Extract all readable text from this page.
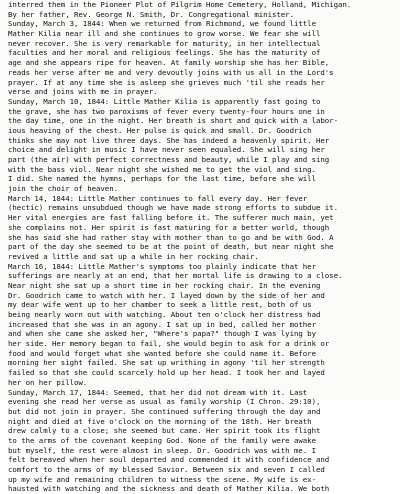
interred them in the Pioneer Plot of Pilgrim Home Cemetery, Holland, Michigan.
By her father, Rev. George N. Smith, Dr. Congregational minister.
Sunday, March 3, 1844: When we returned from Richmond, we found little
Mather Kilia near ill and she continues to grow worse. We fear she will
never recover. She is very remarkable for maturity, in her intellectual
faculties and her moral and religious feelings. She has the maturity of
age and she appears ripe for heaven. At family worship she has her Bible,
reads her verse after me and very devoutly joins with us all in the Lord's
prayer. If at any time she is asleep she grieves much 'til she reads her
verse and joins with me in prayer.
Sunday, March 10, 1844: Little Mather Kilia is apparently fast going to
the grave, she has two paroxisms of fever every twenty-four hours one in
the day time, one in the night. Her breath is short and quick with a labor-
ious heaving of the chest. Her pulse is quick and small. Dr. Goodrich
thinks she may not live three days. She has indeed a heavenly spirit. Her
choice and delight in music I have never seen equaled. She will sing her
part (the air) with perfect correctness and beauty, while I play and sing
with the bass viol. Near night she wished me to get the viol and sing.
I did. She named the hymns, perhaps for the last time, before she will
join the choir of heaven.
March 14, 1844: Little Mather continues to fall every day. Her fever
(hectic) remains unsubdued though we have made strong efforts to subdue it.
Her vital energies are fast falling before it. The sufferer much main, yet
she complains not. Her spirit is fast maturing for a better world, though
she has said she had rather stay with mother than to go and be with God. A
part of the day she seemed to be at the point of death, but near night she
revived a little and sat up a while in her rocking chair.
March 16, 1844: Little Mather's symptoms too plainly indicate that her
sufferings are nearly at an end, that her mortal life is drawing to a close.
Near night she sat up a short time in her rocking chair. In the evening
Dr. Goodrich came to watch with her. I layed down by the side of her and
my dear wife went up to her chamber to seek a little rest, both of us
being nearly worn out with watching. About ten o'clock her distress had
increased that she was in an agony. I sat up in bed, called her mother
and when she came she asked her, "Where's papa?" though I was lying by
her side. Her memory began to fail, she would begin to ask for a drink or
food and would forget what she wanted before she could name it. Before
morning her sight failed. She sat up writhing in agony 'til her strength
failed so that she could scarcely hold up her head. I took her and layed
her on her pillow.
Sunday, March 17, 1844: Seemed, that her did not dream with it. Last
evening she read her verse as usual as family worship (I Chron. 29:10),
but did not join in prayer. She continued suffering through the day and
night and died at five o'clock on the morning of the 18th. Her breath
drew calmly to a close; she seemed but came. Her spirit took its flight
to the arms of the covenant keeping God. None of the family were awake
but myself, the rest were almost in sleep. Dr. Goodrich was with me. I
felt bereaved when her soul departed and commended it with confidence and
comfort to the arms of my blessed Savior. Between six and seven I called
up my wife and remaining children to witness the scene. My wife is ex-
hausted with watching and the sickness and death of Mather Kilia. We both
